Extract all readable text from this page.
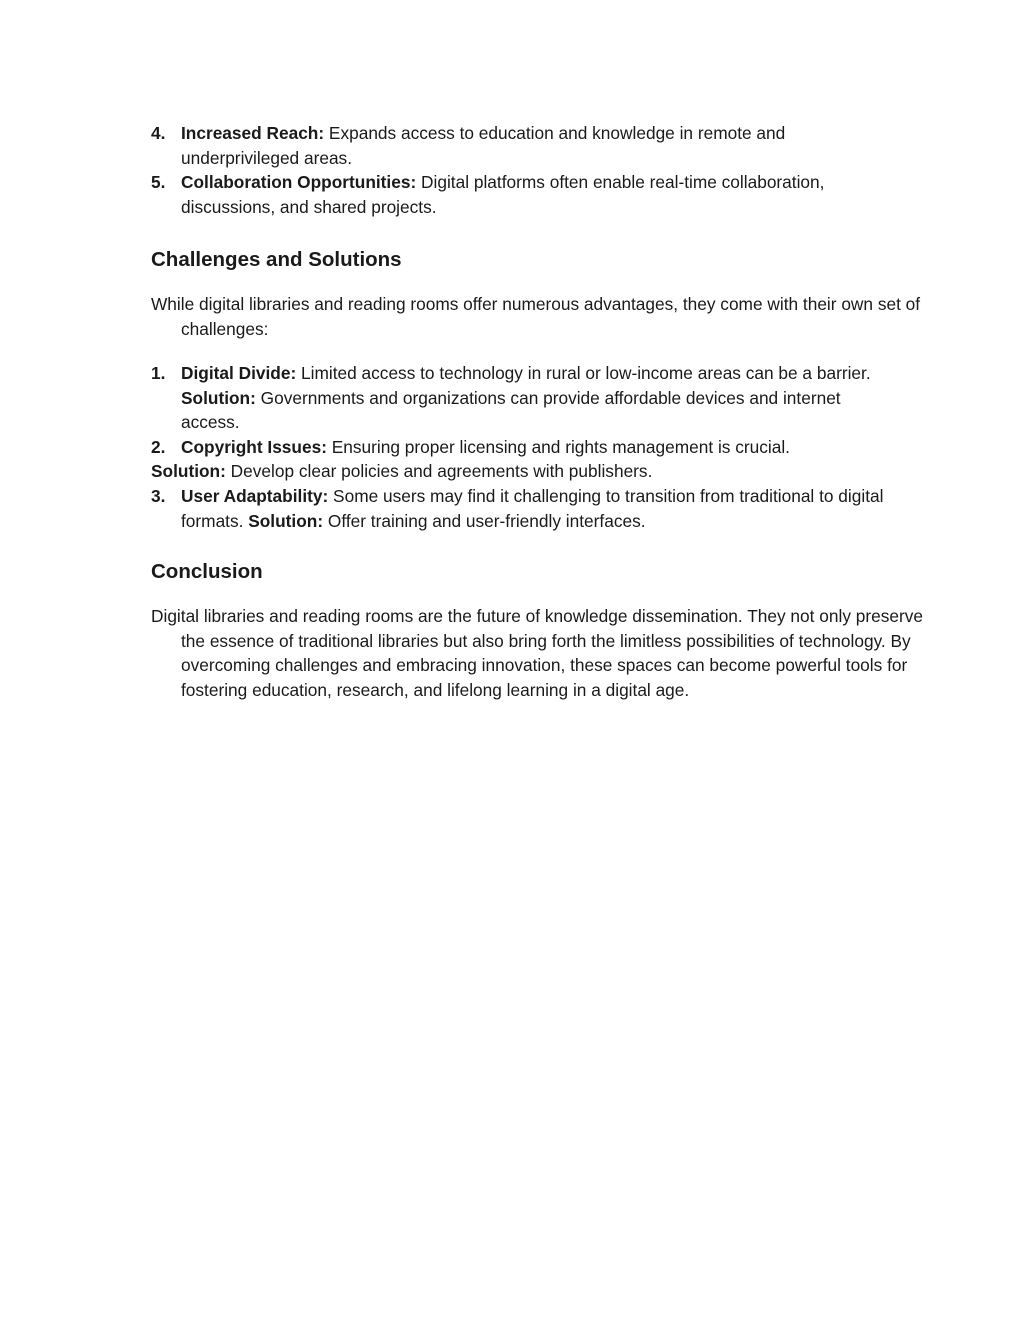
4. Increased Reach: Expands access to education and knowledge in remote and underprivileged areas.
5. Collaboration Opportunities: Digital platforms often enable real-time collaboration, discussions, and shared projects.
Challenges and Solutions
While digital libraries and reading rooms offer numerous advantages, they come with their own set of challenges:
1. Digital Divide: Limited access to technology in rural or low-income areas can be a barrier. Solution: Governments and organizations can provide affordable devices and internet access.
2. Copyright Issues: Ensuring proper licensing and rights management is crucial.
Solution: Develop clear policies and agreements with publishers.
3. User Adaptability: Some users may find it challenging to transition from traditional to digital formats. Solution: Offer training and user-friendly interfaces.
Conclusion
Digital libraries and reading rooms are the future of knowledge dissemination. They not only preserve the essence of traditional libraries but also bring forth the limitless possibilities of technology. By overcoming challenges and embracing innovation, these spaces can become powerful tools for fostering education, research, and lifelong learning in a digital age.
